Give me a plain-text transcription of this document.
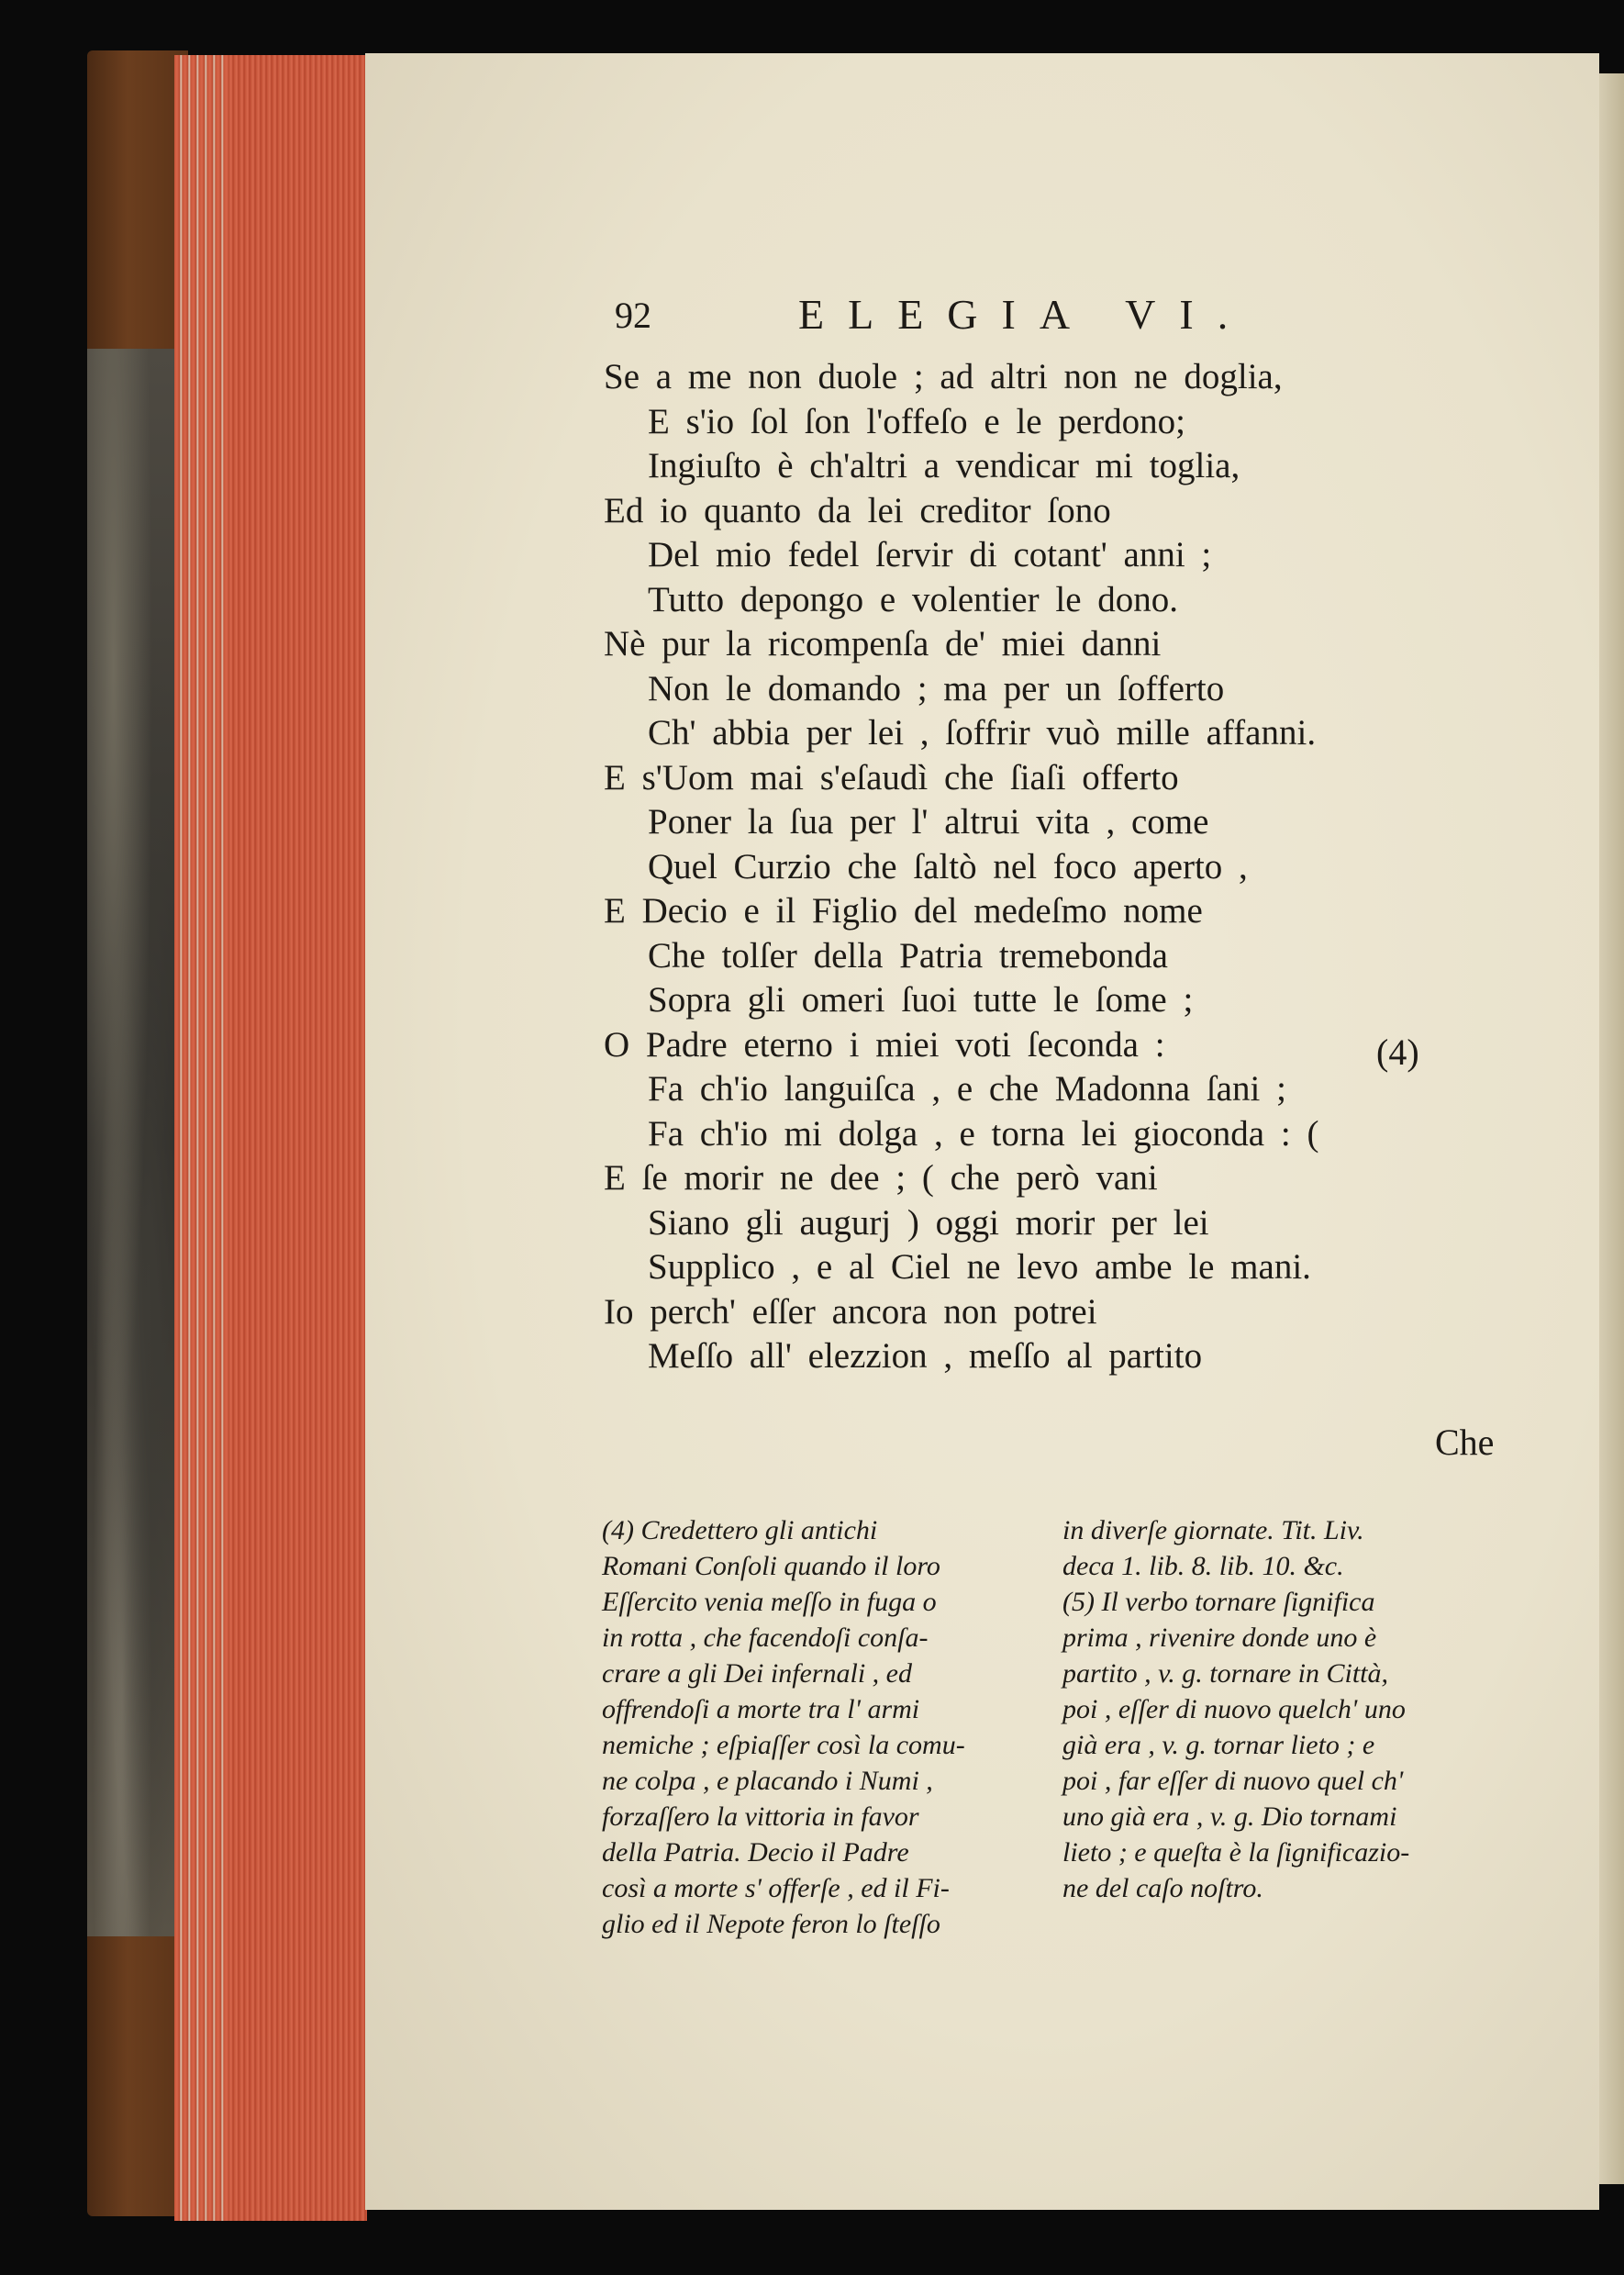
92	ELEGIA VI.
Se a me non duole ; ad altri non ne doglia,
E s'io ſol ſon l'offeſo e le perdono;
Ingiuſto è ch'altri a vendicar mi toglia,
Ed io quanto da lei creditor ſono
Del mio fedel ſervir di cotant' anni ;
Tutto depongo e volentier le dono.
Nè pur la ricompenſa de' miei danni
Non le domando ; ma per un ſofferto
Ch' abbia per lei , ſoffrir vuò mille affanni.
E s'Uom mai s'eſaudì che ſiaſi offerto
Poner la ſua per l' altrui vita , come
Quel Curzio che ſaltò nel foco aperto ,
E Decio e il Figlio del medeſmo nome
Che tolſer della Patria tremebonda
Sopra gli omeri ſuoi tutte le ſome ;
O Padre eterno i miei voti ſeconda :
Fa ch'io languiſca , e che Madonna ſani ;
Fa ch'io mi dolga , e torna lei gioconda : (
E ſe morir ne dee ; ( che però vani
Siano gli augurj ) oggi morir per lei
Supplico , e al Ciel ne levo ambe le mani.
Io perch' eſſer ancora non potrei
Meſſo all' elezzion , meſſo al partito
(4)
Che
(4) Credettero gli antichi
Romani Conſoli quando il loro
Eſſercito venia meſſo in fuga o
in rotta , che facendoſi conſa-
crare a gli Dei infernali , ed
offrendoſi a morte tra l' armi
nemiche ; eſpiaſſer così la comu-
ne colpa , e placando i Numi ,
forzaſſero la vittoria in favor
della Patria. Decio il Padre
così a morte s' offerſe , ed il Fi-
glio ed il Nepote feron lo ſteſſo
in diverſe giornate. Tit. Liv.
deca 1. lib. 8. lib. 10. &c.
(5) Il verbo tornare ſignifica
prima , rivenire donde uno è
partito , v. g. tornare in Città,
poi , eſſer di nuovo quelch' uno
già era , v. g. tornar lieto ; e
poi , far eſſer di nuovo quel ch'
uno già era , v. g. Dio tornami
lieto ; e queſta è la ſignificazio-
ne del caſo noſtro.
